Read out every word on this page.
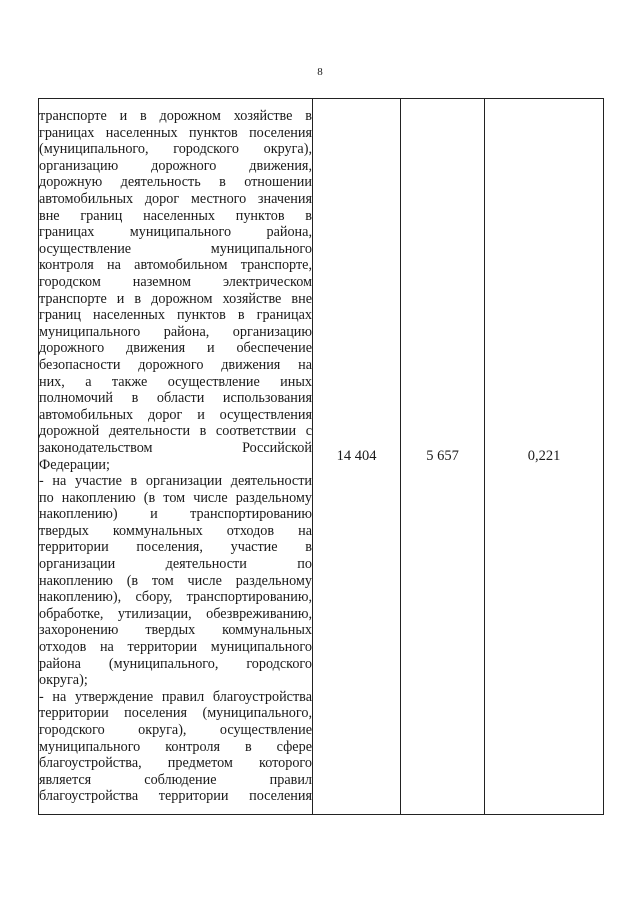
8
транспорте и в дорожном хозяйстве в
границах населенных пунктов поселения
(муниципального, городского округа),
организацию дорожного движения,
дорожную деятельность в отношении
автомобильных дорог местного значения
вне границ населенных пунктов в
границах муниципального района,
осуществление муниципального
контроля на автомобильном транспорте,
городском наземном электрическом
транспорте и в дорожном хозяйстве вне
границ населенных пунктов в границах
муниципального района, организацию
дорожного движения и обеспечение
безопасности дорожного движения на
них, а также осуществление иных
полномочий в области использования
автомобильных дорог и осуществления
дорожной деятельности в соответствии с
законодательством Российской
Федерации;
- на участие в организации деятельности
по накоплению (в том числе раздельному
накоплению) и транспортированию
твердых коммунальных отходов на
территории поселения, участие в
организации деятельности по
накоплению (в том числе раздельному
накоплению), сбору, транспортированию,
обработке, утилизации, обезвреживанию,
захоронению твердых коммунальных
отходов на территории муниципального
района (муниципального, городского
округа);
- на утверждение правил благоустройства
территории поселения (муниципального,
городского округа), осуществление
муниципального контроля в сфере
благоустройства, предметом которого
является соблюдение правил
благоустройства территории поселения
	14 404	5 657	0,221
